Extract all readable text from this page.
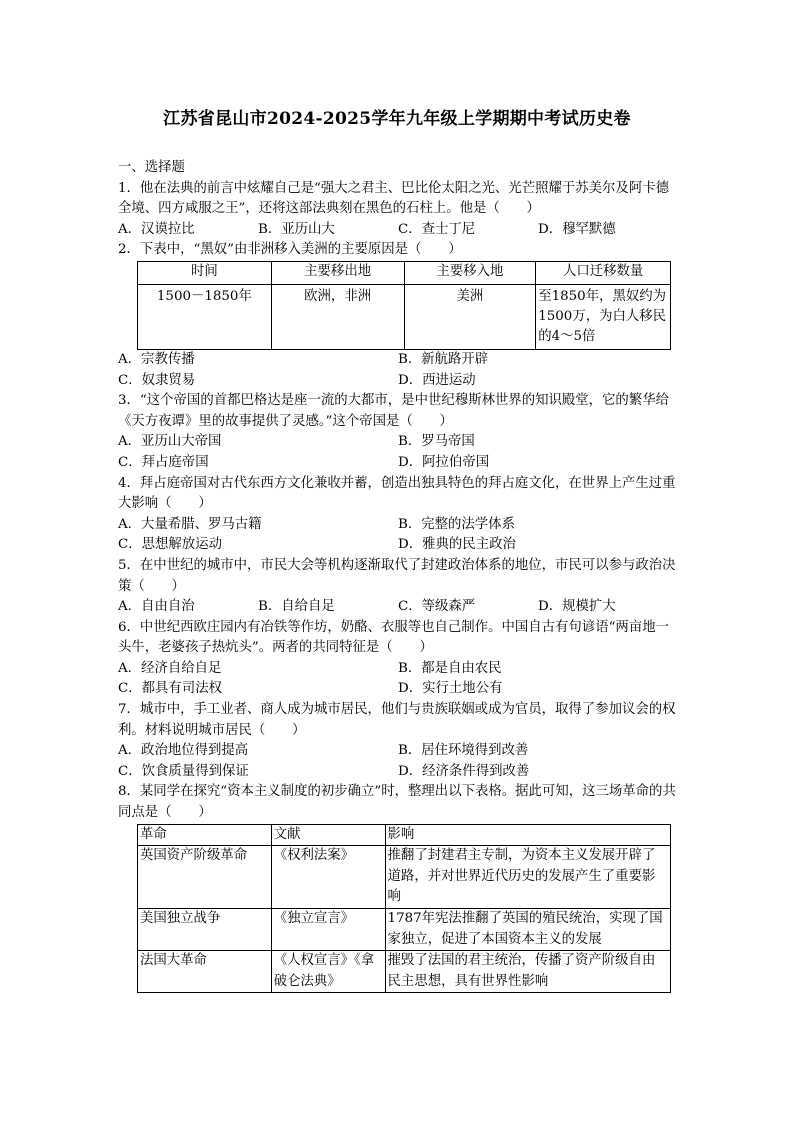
江苏省昆山市2024-2025学年九年级上学期期中考试历史卷

一、选择题

1．他在法典的前言中炫耀自己是“强大之君主、巴比伦太阳之光、光芒照耀于苏美尔及阿卡德全境、四方咸服之王”，还将这部法典刻在黑色的石柱上。他是（　　）

A．汉谟拉比	B．亚历山大	C．查士丁尼	D．穆罕默德

2．下表中，“黑奴”由非洲移入美洲的主要原因是（　　）

时间	主要移出地	主要移入地	人口迁移数量
1500－1850年	欧洲，非洲	美洲	至1850年，黑奴约为1500万，为白人移民的4～5倍
A．宗教传播	B．新航路开辟
C．奴隶贸易	D．西进运动

3．“这个帝国的首都巴格达是座一流的大都市，是中世纪穆斯林世界的知识殿堂，它的繁华给《天方夜谭》里的故事提供了灵感。”这个帝国是（　　）

A．亚历山大帝国	B．罗马帝国
C．拜占庭帝国	D．阿拉伯帝国

4．拜占庭帝国对古代东西方文化兼收并蓄，创造出独具特色的拜占庭文化，在世界上产生过重大影响（　　）

A．大量希腊、罗马古籍	B．完整的法学体系
C．思想解放运动	D．雅典的民主政治

5．在中世纪的城市中，市民大会等机构逐渐取代了封建政治体系的地位，市民可以参与政治决策（　　）

A．自由自治	B．自给自足	C．等级森严	D．规模扩大

6．中世纪西欧庄园内有冶铁等作坊，奶酪、衣服等也自己制作。中国自古有句谚语“两亩地一头牛，老婆孩子热炕头”。两者的共同特征是（　　）

A．经济自给自足	B．都是自由农民
C．都具有司法权	D．实行土地公有

7．城市中，手工业者、商人成为城市居民，他们与贵族联姻或成为官员，取得了参加议会的权利。材料说明城市居民（　　）

A．政治地位得到提高	B．居住环境得到改善
C．饮食质量得到保证	D．经济条件得到改善

8．某同学在探究“资本主义制度的初步确立”时，整理出以下表格。据此可知，这三场革命的共同点是（　　）

革命	文献	影响
英国资产阶级革命	《权利法案》	推翻了封建君主专制，为资本主义发展开辟了道路，并对世界近代历史的发展产生了重要影响
美国独立战争	《独立宣言》	1787年宪法推翻了英国的殖民统治，实现了国家独立，促进了本国资本主义的发展
法国大革命	《人权宣言》《拿破仑法典》	摧毁了法国的君主统治，传播了资产阶级自由民主思想，具有世界性影响
